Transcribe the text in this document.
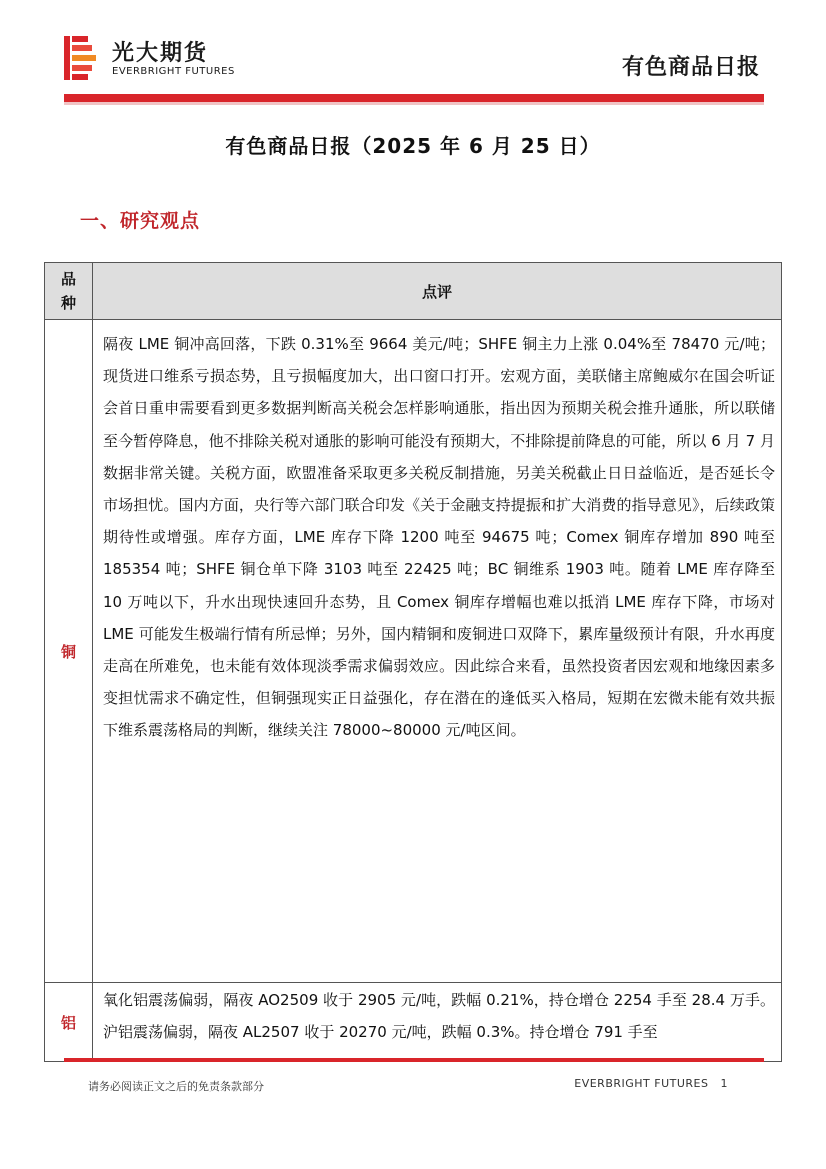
光大期货
EVERBRIGHT FUTURES	有色商品日报
有色商品日报（2025 年 6 月 25 日）
一、研究观点
品种	点评
铜	隔夜 LME 铜冲高回落，下跌 0.31%至 9664 美元/吨；SHFE 铜主力上涨 0.04%至 78470 元/吨；现货进口维系亏损态势，且亏损幅度加大，出口窗口打开。宏观方面，美联储主席鲍威尔在国会听证会首日重申需要看到更多数据判断高关税会怎样影响通胀，指出因为预期关税会推升通胀，所以联储至今暂停降息，他不排除关税对通胀的影响可能没有预期大，不排除提前降息的可能，所以 6 月 7 月数据非常关键。关税方面，欧盟准备采取更多关税反制措施，另美关税截止日日益临近，是否延长令市场担忧。国内方面，央行等六部门联合印发《关于金融支持提振和扩大消费的指导意见》，后续政策期待性或增强。库存方面，LME 库存下降 1200 吨至 94675 吨；Comex 铜库存增加 890 吨至 185354 吨；SHFE 铜仓单下降 3103 吨至 22425 吨；BC 铜维系 1903 吨。随着 LME 库存降至 10 万吨以下，升水出现快速回升态势，且 Comex 铜库存增幅也难以抵消 LME 库存下降，市场对 LME 可能发生极端行情有所忌惮；另外，国内精铜和废铜进口双降下，累库量级预计有限，升水再度走高在所难免，也未能有效体现淡季需求偏弱效应。因此综合来看，虽然投资者因宏观和地缘因素多变担忧需求不确定性，但铜强现实正日益强化，存在潜在的逢低买入格局，短期在宏微未能有效共振下维系震荡格局的判断，继续关注 78000~80000 元/吨区间。
铝	氧化铝震荡偏弱，隔夜 AO2509 收于 2905 元/吨，跌幅 0.21%，持仓增仓 2254 手至 28.4 万手。沪铝震荡偏弱，隔夜 AL2507 收于 20270 元/吨，跌幅 0.3%。持仓增仓 791 手至
请务必阅读正文之后的免责条款部分	EVERBRIGHT FUTURES 1
